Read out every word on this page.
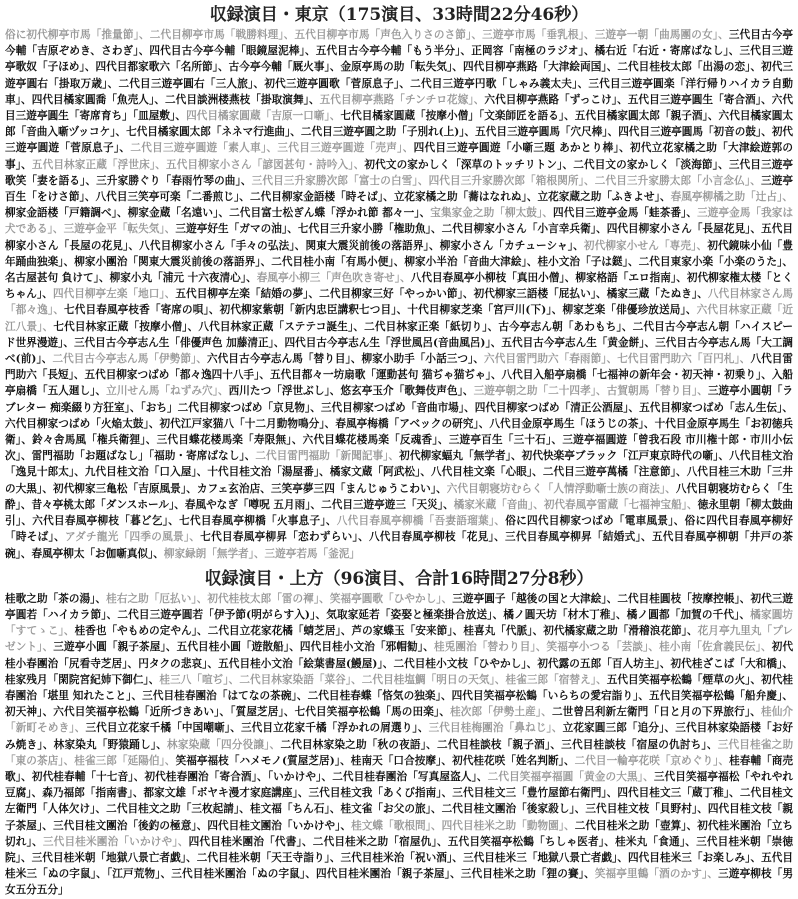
収録演目・東京（175演目、33時間22分46秒）

俗に初代柳亭市馬「推量節」、二代目柳亭市馬「戦勝料理」、五代目柳亭市馬「声色入りさのさ節」、三遊亭市馬「垂乳根」、三遊亭一朝「曲馬團の女」、三代目古今亭今輔「吉原ぞめき、さわぎ」、四代目古今亭今輔「眼鏡屋泥棒」、五代目古今亭今輔「もう半分」、正岡容「南極のラジオ」、橘右近「右近・寄席ばなし」、三代目三遊亭歌奴「子ほめ」、四代目都家歌六「名所節」、古今亭今輔「厩火事」、金原亭馬の助「転失気」、四代目柳亭燕路「大津絵両国」、二代目桂枝太郎「出湯の恋」、初代三遊亭圓右「掛取万歳」、二代目三遊亭圓右「三人旅」、初代三遊亭圓歌「菅原息子」、二代目三遊亭円歌「しゃみ義太夫」、三代目三遊亭圓楽「洋行帰りハイカラ自動車」、四代目橘家圓喬「魚売人」、二代目談洲楼燕枝「掛取演舞」、五代目柳亭燕路「チンチロ花嫁」、六代目柳亭燕路「ずっこけ」、五代目三遊亭圓生「寄合酒」、六代目三遊亭圓生「寄席育ち」「皿屋敷」、四代目橘家圓蔵「吉原一口噺」、七代目橘家圓蔵「按摩小僧」「文楽師匠を語る」、五代目橘家圓太郎「親子酒」、六代目橘家圓太郎「音曲入噺ヅッコケ」、七代目橘家圓太郎「ネネマ行進曲」、二代目三遊亭圓之助「子別れ(上)」、五代目三遊亭圓馬「穴尺棒」、四代目三遊亭圓馬「初音の鼓」、初代三遊亭圓遊「菅原息子」、二代目三遊亭圓遊「素人車」、三代目三遊亭圓遊「売声」、四代目三遊亭圓遊「小噺三題 あかとり棒」、初代立花家橘之助「大津絵遊郭の事」、五代目林家正蔵「浮世床」、五代目柳家小さん「諺図甚句・詩吟入」、初代文の家かしく「深草のトッチリトン」、二代目文の家かしく「淡海節」、三代目三遊亭歌笑「妻を語る」、三升家勝ぐり「春雨竹琴の曲」、三代目三升家勝次郎「富士の白雪」、四代目三升家勝次郎「箱根関所」、二代目三升家勝太郎「小言念仏」、三遊亭百生「をけさ節」、八代目三笑亭可楽「二番煎じ」、二代目柳家金語楼「時そば」、立花家橘之助「蕎はなれぬ」、立花家蔵之助「ふきよせ」、春風亭柳橘之助「辻占」、柳家金語楼「戸籍調べ」、柳家金蔵「名遠い」、二代目富士松ぎん蝶「浮かれ節 都々一」、宝集家金之助「柳太鼓」、四代目三遊亭金馬「蛙茶番」、三遊亭金馬「我家は犬である」、三遊亭金平「転失気」、三遊亭好生「ガマの油」、七代目三升家小勝「権助魚」、二代目柳家小さん「小言幸兵衛」、四代目柳家小さん「長屋花見」、五代目柳家小さん「長屋の花見」、八代目柳家小さん「手々の弘法」、関東大震災前後の落語界」、柳家小さん「カチューシャ」、初代柳家小せん「専売」、初代鏡味小仙「豊年踊曲独楽」、柳家小團治「関東大震災前後の落語界」、二代目桂小南「有馬小便」、柳家小半治「音曲大津絵」、桂小文治「子は鎹」、二代目東家小楽「小楽のうた」、名古屋甚句 負けて」、柳家小丸「浦元 十六夜清心」、春風亭小柳三「声色吹き寄せ」、八代目春風亭小柳枝「真田小僧」、柳家格語「エロ指南」、初代柳家権太楼「とくちゃん」、四代目柳亭左楽「地口」、五代目柳亭左楽「結婚の夢」、二代目柳家三好「やっかい節」、初代柳家三語楼「屁払い」、橘家三蔵「たぬき」、八代目林家さん馬「都々逸」、七代目春風亭枝香「寄席の唄」、初代柳家紫朝「新内忠臣講釈七つ目」、十代目柳家芝楽「宮戸川(下)」、柳家芝楽「俳優珍放送局」、六代目林家正蔵「近江八景」、七代目林家正蔵「按摩小僧」、八代目林家正蔵「ステテコ誕生」、二代目林家正楽「紙切り」、古今亭志ん朝「あわもち」、二代目古今亭志ん朝「ハイスピード世界漫遊」、三代目古今亭志ん生「俳優声色 加藤清正」、四代目古今亭志ん生「浮世風呂(音曲風呂)」、五代目古今亭志ん生「黄金餅」、三代目古今亭志ん馬「大工調べ(前)」、二代目古今亭志ん馬「伊勢節」、六代目古今亭志ん馬「替り目」、柳家小助手「小話三つ」、六代目雷門助六「春雨節」、七代目雷門助六「百円札」、八代目雷門助六「長短」、五代目柳家つばめ「都々逸四十八手」、五代目都々一坊扇歌「運動甚句 猫ぢゃ猫ぢゃ」、八代目入船亭扇橋「七福神の新年会・初天神・初乗り」、入船亭扇橋「五人廻し」、立川せん馬「ねずみ穴」、西川たつ「浮世ぶし」、悠玄亭玉介「歌舞伎声色」、三遊亭朝之助「二十四孝」、古賀朝馬「替り目」、三遊亭小圓朝「ラブレター 痴楽綴り方狂室」、「おち」二代目柳家つばめ「京見物」、三代目柳家つばめ「音曲市場」、四代目柳家つばめ「清正公酒屋」、五代目柳家つばめ「志ん生伝」、六代目柳家つばめ「火焔太鼓」、初代江戸家猫八「十二月動物鳴分」、春風亭梅橋「アベックの研究」、八代目金原亭馬生「ほうじの茶」、十代目金原亭馬生「お初徳兵衛」、鈴々舎馬風「権兵衛狸」、三代目蝶花楼馬楽「寿限無」、六代目蝶花楼馬楽「反魂香」、三遊亭百生「三十石」、三遊亭福圓遊「曾我石段 市川権十郎・市川小伝次」、雷門福助「お題ばなし」「福助・寄席ばなし」、二代目雷門福助「新聞記事」、初代柳家蝠丸「無学者」、初代快楽亭ブラック「江戸東京時代の噺」、八代目桂文治「逸見十郎太」、九代目桂文治「口入屋」、十代目桂文治「湯屋番」、橘家文蔵「阿武松」、八代目桂文楽「心眼」、二代目三遊亭萬橘「注意節」、八代目桂三木助「三井の大黒」、初代柳家三亀松「吉原風景」、カフェ玄治店、三笑亭夢三四「まんじゅうこわい」、六代目朝寝坊むらく「人情浮動噺士族の商法」、八代目朝寝坊むらく「生酔」、昔々亭桃太郎「ダンスホール」、春風やなぎ「噂呪 五月雨」、二代目三遊亭遊三「天災」、橘家米蔵「音曲」、初代春風亭雷蔵「七福神宝船」、徳永里朝「柳太鼓曲引」、六代目春風亭柳枝「暮ど乞」、七代目春風亭柳橋「火事息子」、八代目春風亭柳橋「吾妻語瑠葉」、俗に四代目柳家つばめ「電車風景」、俗に四代目春風亭柳好「時そば」、アダチ龍光「四季の風景」、七代目春風亭柳昇「恋わずらい」、八代目春風亭柳枝「花見」、三代目春風亭柳昇「結婚式」、五代目春風亭柳朝「井戸の茶碗」、春風亭柳太「お伽噺真似」、柳家緑朗「無学者」、三遊亭若馬「釜泥」

収録演目・上方（96演目、合計16時間27分8秒）

桂歌之助「茶の湯」、桂右之助「厄払い」、初代桂枝太郎「雷の褌」、笑福亭圓歌「ひやかし」、三遊亭圓子「越後の国と大津絵」、二代目桂圓枝「按摩控帳」、初代三遊亭圓若「ハイカラ節」、二代目三遊亭圓若「伊予節(明がらす入)」、気取家延若「姿娶と極楽掛合放送」、橘ノ圓天坊「材木丁稚」、橘ノ圓都「加賀の千代」、橘家圓坊「すてゝこ」、桂香也「やもめの定やん」、二代目立花家花橘「蜻芝居」、芦の家蝶玉「安来節」、桂喜丸「代脈」、初代橘家蔵之助「滑稽浪花節」、花月亭九里丸「プレゼント」、三遊亭小圓「親子茶屋」、五代目桂小圓「遊散船」、四代目桂小文治「邪帽勧」、桂兎團治「替わり目」、笑福亭小つる「芸談」、桂小南「佐倉義民伝」、初代桂小春團治「尻看寺芝居」、円タクの悲哀」、五代目桂小文治「絵葉書屋(鰻屋)」、二代目桂小文枝「ひやかし」、初代露の五郎「百人坊主」、初代桂ざこば「大和橋」、桂家残月「閑院宮紀姉下御仁」、桂三八「喧ぢ」、二代目林家染語「菜谷」、二代目桂塩鯛「明日の天気」、桂雀三郎「宿替え」、五代目笑福亭松鶴「煙草の火」、初代桂春團治「堪里 知れたこと」、三代目桂春團治「はてなの茶碗」、二代目桂春蝶「悋気の独楽」、四代目笑福亭松鶴「いらちの愛宕詣り」、五代目笑福亭松鶴「船弁慶」、初天神」、六代目笑福亭松鶴「近所づきあい」、「質屋芝居」、七代目笑福亭松鶴「馬の田楽」、桂次郎「伊勢土産」、二世曾呂利新左衛門「日と月の下界旅行」、桂仙介「新町そめき」、三代目立花家千橘「中国嘲噺」、三代目立花家千橘「浮かれの屑選り」、三代目桂梅團治「鼻ねじ」、立花家圓三郎「追分」、三代目林家染語楼「お好み焼き」、林家染丸「野猿踊し」、林家染蔵「四分役譲」、二代目林家染之助「秋の夜語」、二代目桂談枝「親子酒」、三代目桂談枝「宿屋の仇討ち」、三代目桂雀之助「東の茶店」、桂雀三郎「延陽伯」、笑福亭福枝「ハメモノ(質屋芝居)」、桂南天「口合按摩」、初代桂花咲「姓名判断」、二代目一輪亭花咲「京めぐり」、桂春輔「商売歌」、初代桂春輔「十七音」、初代桂春團治「寄合酒」、「いかけや」、二代目桂春團治「写真屋盗人」、二代目笑福亭福圓「黄金の大黒」、三代目笑福亭福松「やれやれ豆腐」、森乃福郎「指南書」、都家文雄「ボヤキ漫才家庭講座」、三代目桂文我「あくび指南」、三代目桂文三「豊竹屋節右衛門」、四代目桂文三「蔵丁稚」、二代目桂文左衛門「人体欠け」、二代目桂文之助「三枚起請」、桂文福「ちん石」、桂文雀「お父の旅」、二代目桂文團治「後家殺し」、三代目桂文枝「貝野村」、四代目桂文枝「親子茶屋」、三代目桂文團治「後釣の極意」、四代目桂文團治「いかけや」、桂文蝶「歌根問」、四代目桂米之助「動物園」、二代目桂米之助「壺算」、初代桂米團治「立ち切れ」、三代目桂米團治「いかけや」、四代目桂米團治「代書」、二代目桂米之助「宿屋仇」、五代目笑福亭松鶴「ちしゃ医者」、桂米丸「食通」、三代目桂米朝「崇徳院」、三代目桂米朝「地獄八景亡者戯」、二代目桂米朝「天王寺詣り」、三代目桂米治「祝い酒」、三代目桂米三「地獄八景亡者戯」、四代目桂米三「お楽しみ」、五代目桂米三「ぬの字鼠」、「江戸荒物」、三代目桂米團治「ぬの字鼠」、四代目桂米團治「親子茶屋」、三代目桂米之助「狸の賽」、笑福亭里鶴「酒のかす」、三遊亭柳枝「男女五分五分」
